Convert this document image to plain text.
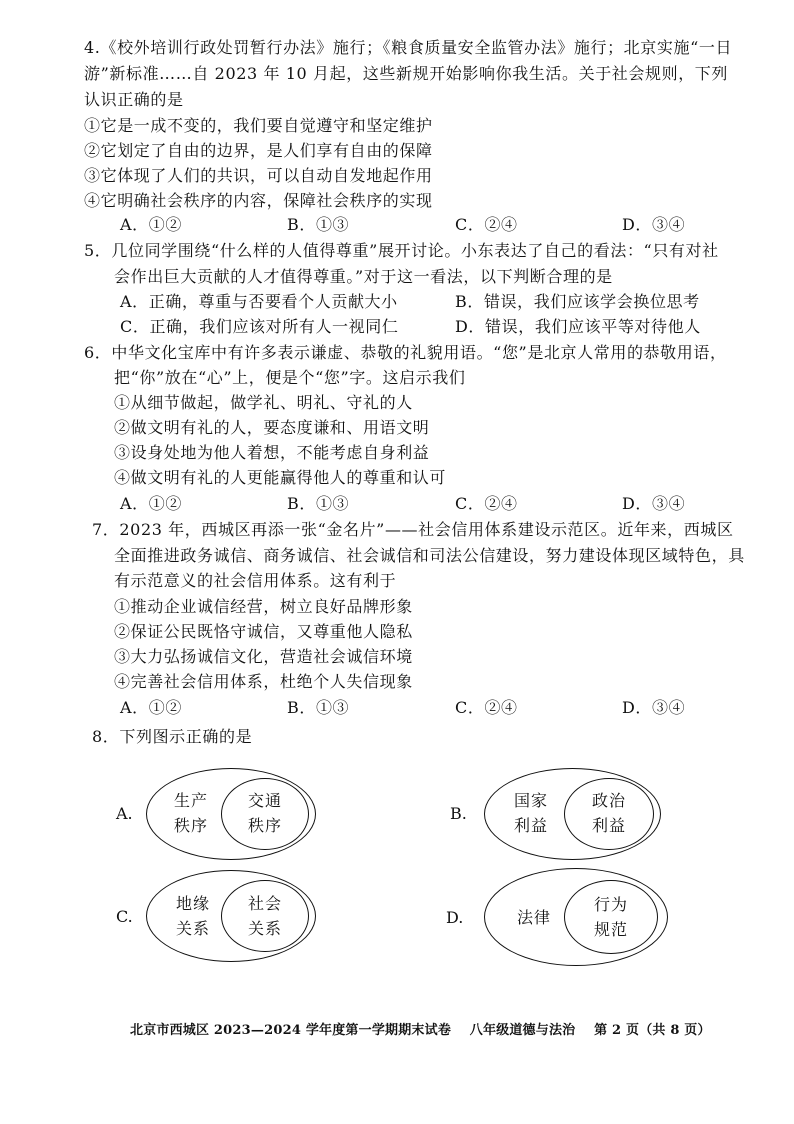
4.《校外培训行政处罚暂行办法》施行；《粮食质量安全监管办法》施行；北京实施“一日
游”新标准……自 2023 年 10 月起，这些新规开始影响你我生活。关于社会规则，下列
认识正确的是
①它是一成不变的，我们要自觉遵守和坚定维护
②它划定了自由的边界，是人们享有自由的保障
③它体现了人们的共识，可以自动自发地起作用
④它明确社会秩序的内容，保障社会秩序的实现
A．①②	B．①③	C．②④	D．③④
5．几位同学围绕“什么样的人值得尊重”展开讨论。小东表达了自己的看法：“只有对社
会作出巨大贡献的人才值得尊重。”对于这一看法，以下判断合理的是
A．正确，尊重与否要看个人贡献大小	B．错误，我们应该学会换位思考
C．正确，我们应该对所有人一视同仁	D．错误，我们应该平等对待他人
6．中华文化宝库中有许多表示谦虚、恭敬的礼貌用语。“您”是北京人常用的恭敬用语，
把“你”放在“心”上，便是个“您”字。这启示我们
①从细节做起，做学礼、明礼、守礼的人
②做文明有礼的人，要态度谦和、用语文明
③设身处地为他人着想，不能考虑自身利益
④做文明有礼的人更能赢得他人的尊重和认可
A．①②	B．①③	C．②④	D．③④
7．2023 年，西城区再添一张“金名片”——社会信用体系建设示范区。近年来，西城区
全面推进政务诚信、商务诚信、社会诚信和司法公信建设，努力建设体现区域特色，具
有示范意义的社会信用体系。这有利于
①推动企业诚信经营，树立良好品牌形象
②保证公民既恪守诚信，又尊重他人隐私
③大力弘扬诚信文化，营造社会诚信环境
④完善社会信用体系，杜绝个人失信现象
A．①②	B．①③	C．②④	D．③④
8．下列图示正确的是
A.
生产
秩序
交通
秩序
B.
国家
利益
政治
利益
C.
地缘
关系
社会
关系
D.	法律
行为
规范
北京市西城区 2023—2024 学年度第一学期期末试卷 八年级道德与法治 第 2 页（共 8 页）
